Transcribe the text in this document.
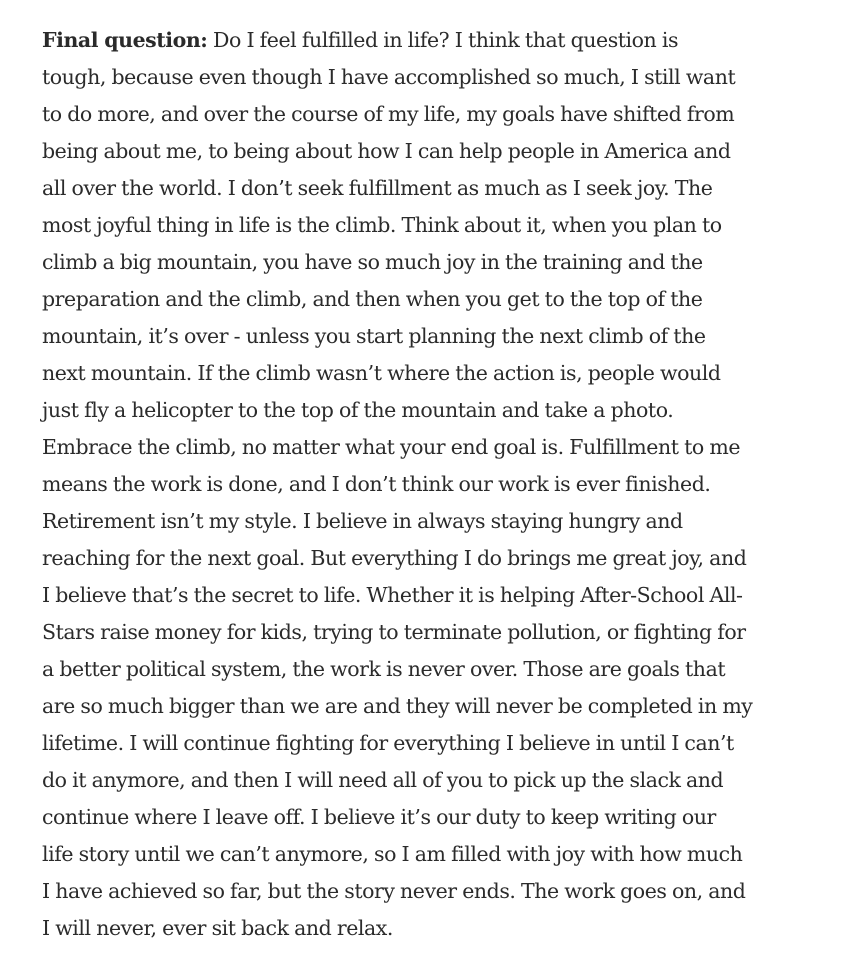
Final question: Do I feel fulfilled in life? I think that question is
tough, because even though I have accomplished so much, I still want
to do more, and over the course of my life, my goals have shifted from
being about me, to being about how I can help people in America and
all over the world. I don’t seek fulfillment as much as I seek joy. The
most joyful thing in life is the climb. Think about it, when you plan to
climb a big mountain, you have so much joy in the training and the
preparation and the climb, and then when you get to the top of the
mountain, it’s over - unless you start planning the next climb of the
next mountain. If the climb wasn’t where the action is, people would
just fly a helicopter to the top of the mountain and take a photo.
Embrace the climb, no matter what your end goal is. Fulfillment to me
means the work is done, and I don’t think our work is ever finished.
Retirement isn’t my style. I believe in always staying hungry and
reaching for the next goal. But everything I do brings me great joy, and
I believe that’s the secret to life. Whether it is helping After-School All-
Stars raise money for kids, trying to terminate pollution, or fighting for
a better political system, the work is never over. Those are goals that
are so much bigger than we are and they will never be completed in my
lifetime. I will continue fighting for everything I believe in until I can’t
do it anymore, and then I will need all of you to pick up the slack and
continue where I leave off. I believe it’s our duty to keep writing our
life story until we can’t anymore, so I am filled with joy with how much
I have achieved so far, but the story never ends. The work goes on, and
I will never, ever sit back and relax.
